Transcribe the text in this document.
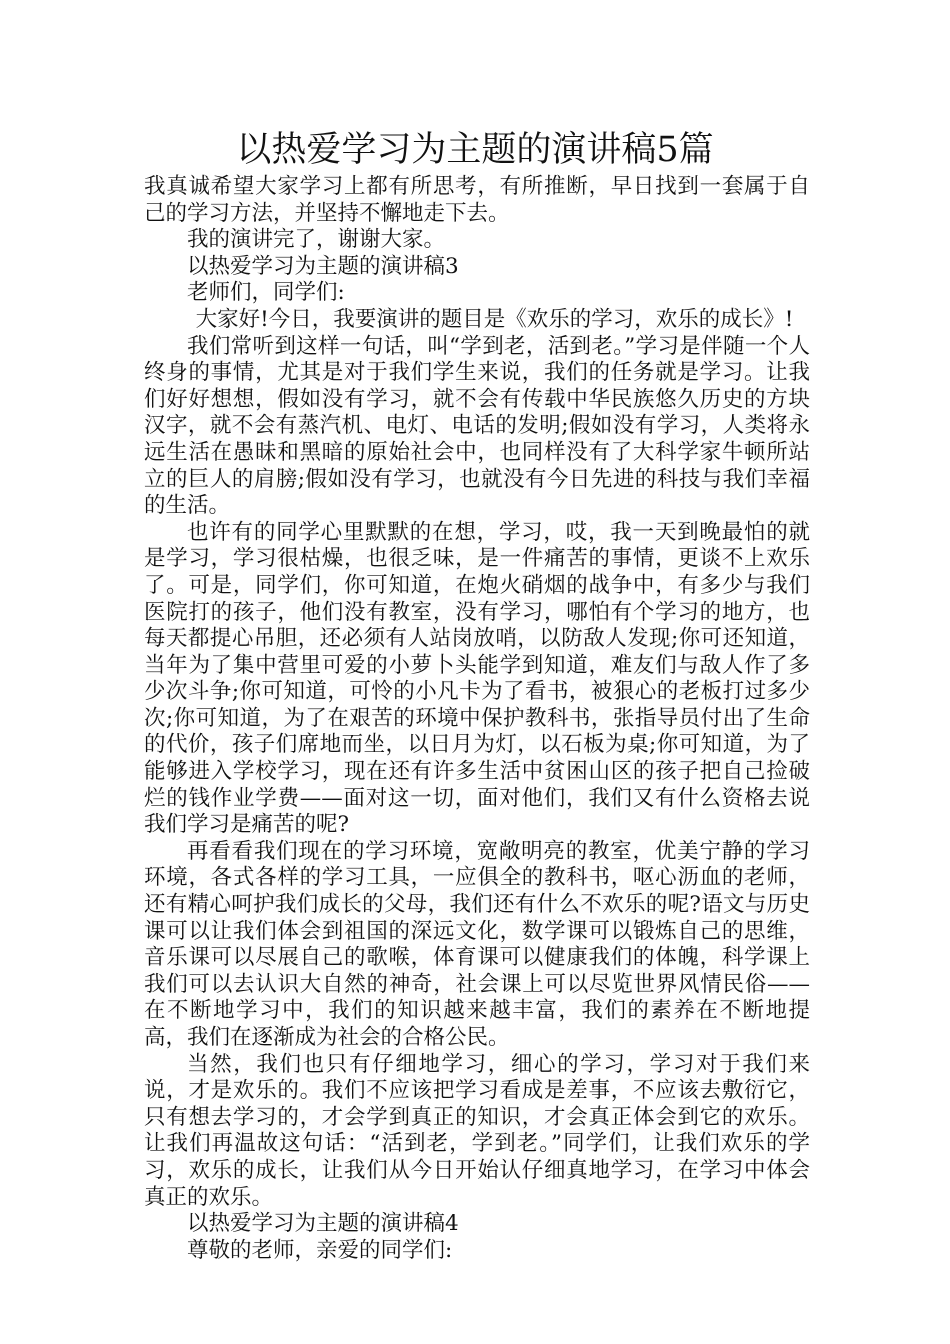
以热爱学习为主题的演讲稿5篇

我真诚希望大家学习上都有所思考，有所推断，早日找到一套属于自己的学习方法，并坚持不懈地走下去。

我的演讲完了，谢谢大家。

以热爱学习为主题的演讲稿3

老师们，同学们:

大家好!今日，我要演讲的题目是《欢乐的学习，欢乐的成长》!

我们常听到这样一句话，叫“学到老，活到老。”学习是伴随一个人终身的事情，尤其是对于我们学生来说，我们的任务就是学习。让我们好好想想，假如没有学习，就不会有传载中华民族悠久历史的方块汉字，就不会有蒸汽机、电灯、电话的发明;假如没有学习，人类将永远生活在愚昧和黑暗的原始社会中，也同样没有了大科学家牛顿所站立的巨人的肩膀;假如没有学习，也就没有今日先进的科技与我们幸福的生活。

也许有的同学心里默默的在想，学习，哎，我一天到晚最怕的就是学习，学习很枯燥，也很乏味，是一件痛苦的事情，更谈不上欢乐了。可是，同学们，你可知道，在炮火硝烟的战争中，有多少与我们医院打的孩子，他们没有教室，没有学习，哪怕有个学习的地方，也每天都提心吊胆，还必须有人站岗放哨，以防敌人发现;你可还知道，当年为了集中营里可爱的小萝卜头能学到知道，难友们与敌人作了多少次斗争;你可知道，可怜的小凡卡为了看书，被狠心的老板打过多少次;你可知道，为了在艰苦的环境中保护教科书，张指导员付出了生命的代价，孩子们席地而坐，以日月为灯，以石板为桌;你可知道，为了能够进入学校学习，现在还有许多生活中贫困山区的孩子把自己捡破烂的钱作业学费——面对这一切，面对他们，我们又有什么资格去说我们学习是痛苦的呢?

再看看我们现在的学习环境，宽敞明亮的教室，优美宁静的学习环境，各式各样的学习工具，一应俱全的教科书，呕心沥血的老师，还有精心呵护我们成长的父母，我们还有什么不欢乐的呢?语文与历史课可以让我们体会到祖国的深远文化，数学课可以锻炼自己的思维，音乐课可以尽展自己的歌喉，体育课可以健康我们的体魄，科学课上我们可以去认识大自然的神奇，社会课上可以尽览世界风情民俗——在不断地学习中，我们的知识越来越丰富，我们的素养在不断地提高，我们在逐渐成为社会的合格公民。

当然，我们也只有仔细地学习，细心的学习，学习对于我们来说，才是欢乐的。我们不应该把学习看成是差事，不应该去敷衍它，只有想去学习的，才会学到真正的知识，才会真正体会到它的欢乐。让我们再温故这句话：“活到老，学到老。”同学们，让我们欢乐的学习，欢乐的成长，让我们从今日开始认仔细真地学习，在学习中体会真正的欢乐。

以热爱学习为主题的演讲稿4

尊敬的老师，亲爱的同学们:
